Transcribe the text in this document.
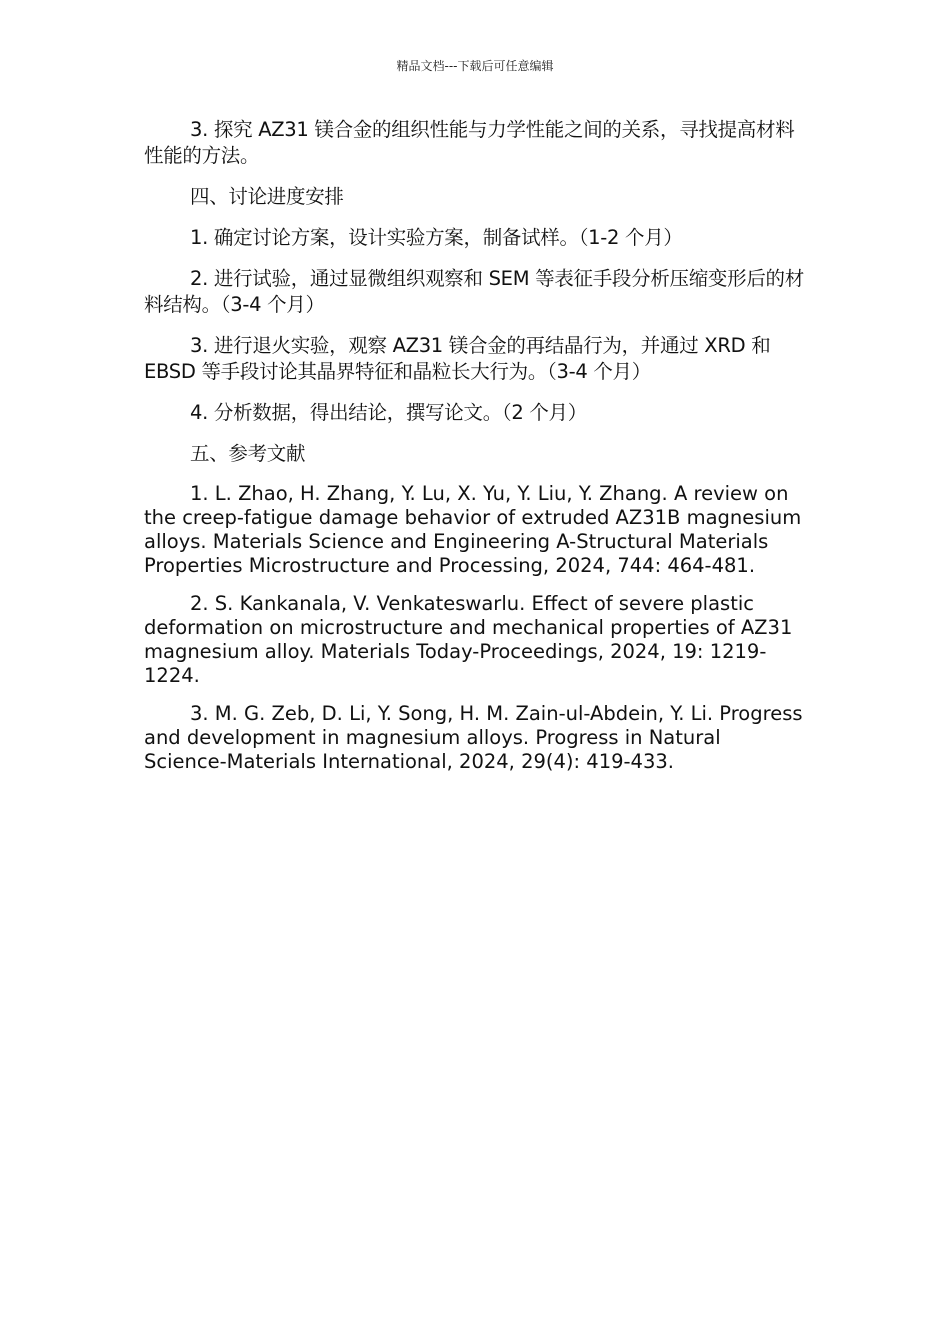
精品文档---下载后可任意编辑

3. 探究 AZ31 镁合金的组织性能与力学性能之间的关系，寻找提高材料性能的方法。

四、讨论进度安排

1. 确定讨论方案，设计实验方案，制备试样。（1-2 个月）

2. 进行试验，通过显微组织观察和 SEM 等表征手段分析压缩变形后的材料结构。（3-4 个月）

3. 进行退火实验，观察 AZ31 镁合金的再结晶行为，并通过 XRD 和 EBSD 等手段讨论其晶界特征和晶粒长大行为。（3-4 个月）

4. 分析数据，得出结论，撰写论文。（2 个月）

五、参考文献

1. L. Zhao, H. Zhang, Y. Lu, X. Yu, Y. Liu, Y. Zhang. A review on the creep-fatigue damage behavior of extruded AZ31B magnesium alloys. Materials Science and Engineering A-Structural Materials Properties Microstructure and Processing, 2024, 744: 464-481.

2. S. Kankanala, V. Venkateswarlu. Effect of severe plastic deformation on microstructure and mechanical properties of AZ31 magnesium alloy. Materials Today-Proceedings, 2024, 19: 1219-1224.

3. M. G. Zeb, D. Li, Y. Song, H. M. Zain-ul-Abdein, Y. Li. Progress and development in magnesium alloys. Progress in Natural Science-Materials International, 2024, 29(4): 419-433.
